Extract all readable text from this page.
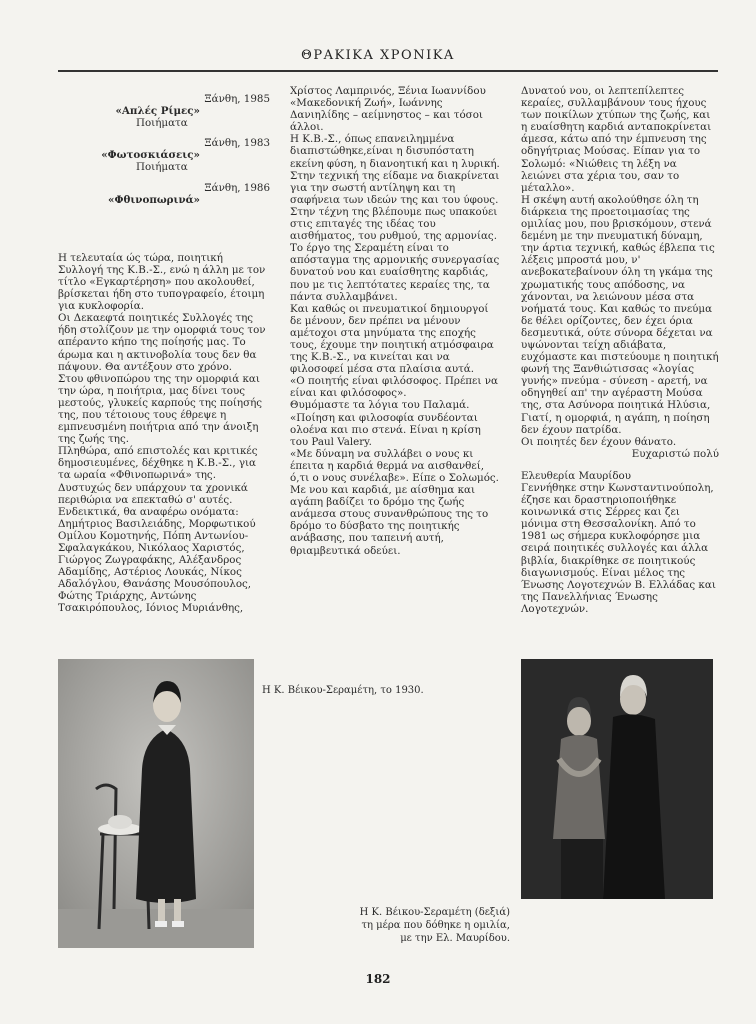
ΘΡΑΚΙΚΑ ΧΡΟΝΙΚΑ
Ξάνθη, 1985
«Απλές Ρίμες»
Ποιήματα
Ξάνθη, 1983
«Φωτοσκιάσεις»
Ποιήματα
Ξάνθη, 1986
«Φθινοπωρινά»

Η τελευταία ώς τώρα, ποιητική Συλλογή της Κ.Β.-Σ., ενώ η άλλη με τον τίτλο «Εγκαρτέρηση» που ακολουθεί, βρίσκεται ήδη στο τυπογραφείο, έτοιμη για κυκλοφορία.

Οι Δεκαεφτά ποιητικές Συλλογές της ήδη στολίζουν με την ομορφιά τους τον απέραντο κήπο της ποίησής μας. Το άρωμα και η ακτινοβολία τους δεν θα πάψουν. Θα αντέξουν στο χρόνο.

Στου φθινοπώρου της την ομορφιά και την ώρα, η ποιήτρια, μας δίνει τους μεστούς, γλυκείς καρπούς της ποίησής της, που τέτοιους τους έθρεψε η εμπνευσμένη ποιήτρια από την άνοιξη της ζωής της.

Πληθώρα, από επιστολές και κριτικές δημοσιευμένες, δέχθηκε η Κ.Β.-Σ., για τα ωραία «Φθινοπωρινά» της. Δυστυχώς δεν υπάρχουν τα χρονικά περιθώρια να επεκταθώ σ' αυτές. Ενδεικτικά, θα αναφέρω ονόματα: Δημήτριος Βασιλειάδης, Μορφωτικού Ομίλου Κομοτηνής, Πόπη Αντωνίου-Σφαλαγκάκου, Νικόλαος Χαριστός, Γιώργος Ζωγραφάκης, Αλέξανδρος Αδαμίδης, Αστέριος Λουκάς, Νίκος Αδαλόγλου, Θανάσης Μουσόπουλος, Φώτης Τριάρχης, Αντώνης Τσακιρόπουλος, Ιόνιος Μυριάνθης,

Χρίστος Λαμπρινός, Ξένια Ιωαννίδου «Μακεδονική Ζωή», Ιωάννης Δανιηλίδης – αείμνηστος – και τόσοι άλλοι.

Η Κ.Β.-Σ., όπως επανειλημμένα διαπιστώθηκε,είναι η δισυπόστατη εκείνη φύση, η διανοητική και η λυρική.

Στην τεχνική της είδαμε να διακρίνεται για την σωστή αντίληψη και τη σαφήνεια των ιδεών της και του ύφους.

Στην τέχνη της βλέπουμε πως υπακούει στις επιταγές της ιδέας του αισθήματος, του ρυθμού, της αρμονίας.

Το έργο της Σεραμέτη είναι το απόσταγμα της αρμονικής συνεργασίας δυνατού νου και ευαίσθητης καρδιάς, που με τις λεπτότατες κεραίες της, τα πάντα συλλαμβάνει.

Και καθώς οι πνευματικοί δημιουργοί δε μένουν, δεν πρέπει να μένουν αμέτοχοι στα μηνύματα της εποχής τους, έχουμε την ποιητική ατμόσφαιρα της Κ.Β.-Σ., να κινείται και να φιλοσοφεί μέσα στα πλαίσια αυτά.

«Ο ποιητής είναι φιλόσοφος. Πρέπει να είναι και φιλόσοφος».

Θυμόμαστε τα λόγια του Παλαμά.

«Ποίηση και φιλοσοφία συνδέονται ολοένα και πιο στενά. Είναι η κρίση του Paul Valery.

«Με δύναμη να συλλάβει ο νους κι έπειτα η καρδιά θερμά να αισθανθεί, ό,τι ο νους συνέλαβε». Είπε ο Σολωμός. Με νου και καρδιά, με αίσθημα και αγάπη βαδίζει το δρόμο της ζωής ανάμεσα στους συνανθρώπους της το δρόμο το δύσβατο της ποιητικής ανάβασης, που ταπεινή αυτή, θριαμβευτικά οδεύει.

Δυνατού νου, οι λεπτεπίλεπτες κεραίες, συλλαμβάνουν τους ήχους των ποικίλων χτύπων της ζωής, και η ευαίσθητη καρδιά ανταποκρίνεται άμεσα, κάτω από την έμπνευση της οδηγήτριας Μούσας. Είπαν για το Σολωμό: «Νιώθεις τη λέξη να λειώνει στα χέρια του, σαν το μέταλλο».

Η σκέψη αυτή ακολούθησε όλη τη διάρκεια της προετοιμασίας της ομιλίας μου, που βρισκόμουν, στενά δεμένη με την πνευματική δύναμη, την άρτια τεχνική, καθώς έβλεπα τις λέξεις μπροστά μου, ν' ανεβοκατεβαίνουν όλη τη γκάμα της χρωματικής τους απόδοσης, να χάνονται, να λειώνουν μέσα στα νοήματά τους. Και καθώς το πνεύμα δε θέλει ορίζοντες, δεν έχει όρια δεσμευτικά, ούτε σύνορα δέχεται να υψώνονται τείχη αδιάβατα, ευχόμαστε και πιστεύουμε η ποιητική φωνή της Ξανθιώτισσας «λογίας γυνής» πνεύμα - σύνεση - αρετή, να οδηγηθεί απ' την αγέραστη Μούσα της, στα Ασύνορα ποιητικά Ηλύσια, Γιατί, η ομορφιά, η αγάπη, η ποίηση δεν έχουν πατρίδα.

Οι ποιητές δεν έχουν θάνατο.

Ευχαριστώ πολύ

Ελευθερία Μαυρίδου

Γεννήθηκε στην Κωνσταντινούπολη, έζησε και δραστηριοποιήθηκε κοινωνικά στις Σέρρες και ζει μόνιμα στη Θεσσαλονίκη. Από το 1981 ως σήμερα κυκλοφόρησε μια σειρά ποιητικές συλλογές και άλλα βιβλία, διακρίθηκε σε ποιητικούς διαγωνισμούς. Είναι μέλος της Ένωσης Λογοτεχνών Β. Ελλάδας και της Πανελλήνιας Ένωσης Λογοτεχνών.

Η Κ. Βέικου-Σεραμέτη, το 1930.
Η Κ. Βέικου-Σεραμέτη (δεξιά)
τη μέρα που δόθηκε η ομιλία,
με την Ελ. Μαυρίδου.
182
